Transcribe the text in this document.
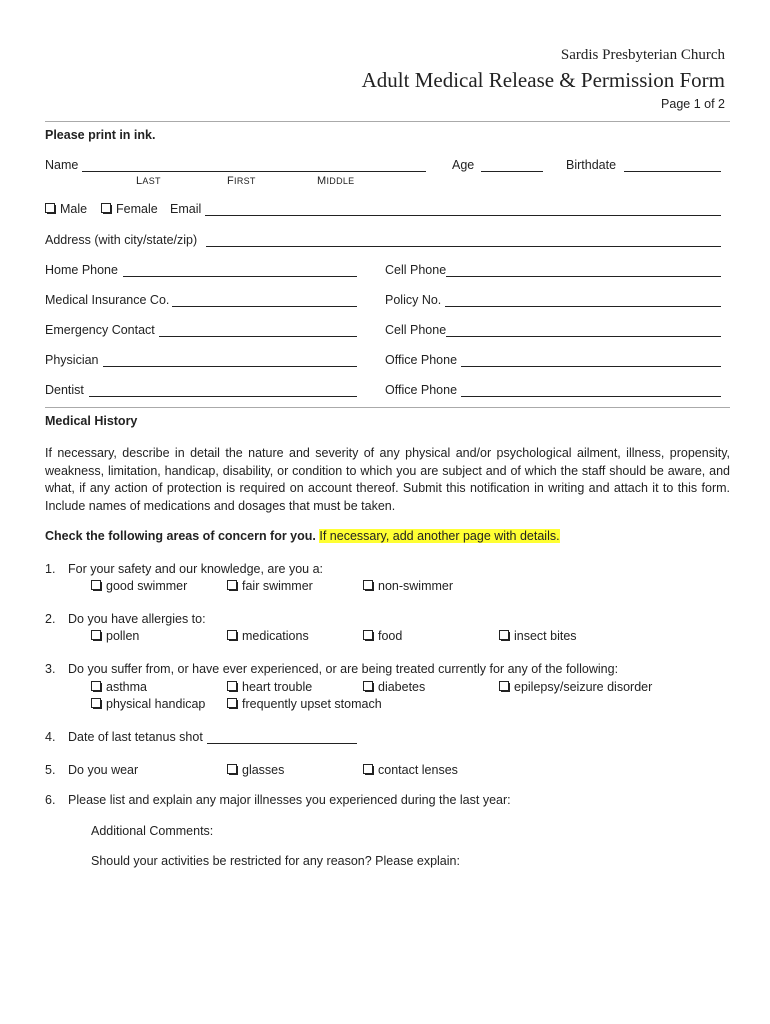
Sardis Presbyterian Church
Adult Medical Release & Permission Form
Page 1 of 2
Please print in ink.
Name	Age	Birthdate
LAST	FIRST	MIDDLE
Male	Female Email
Address (with city/state/zip)
Home Phone	Cell Phone
Medical Insurance Co.	Policy No.
Emergency Contact	Cell Phone
Physician	Office Phone
Dentist	Office Phone
Medical History
If necessary, describe in detail the nature and severity of any physical and/or psychological ailment, illness, propensity, weakness, limitation, handicap, disability, or condition to which you are subject and of which the staff should be aware, and what, if any action of protection is required on account thereof. Submit this notification in writing and attach it to this form. Include names of medications and dosages that must be taken.
Check the following areas of concern for you. If necessary, add another page with details.
1. For your safety and our knowledge, are you a:
good swimmer	fair swimmer	non-swimmer
2. Do you have allergies to:
pollen	medications	food	insect bites
3. Do you suffer from, or have ever experienced, or are being treated currently for any of the following:
asthma	heart trouble	diabetes	epilepsy/seizure disorder
physical handicap	frequently upset stomach
4. Date of last tetanus shot
5. Do you wear	glasses	contact lenses
6. Please list and explain any major illnesses you experienced during the last year:
Additional Comments:
Should your activities be restricted for any reason? Please explain:
